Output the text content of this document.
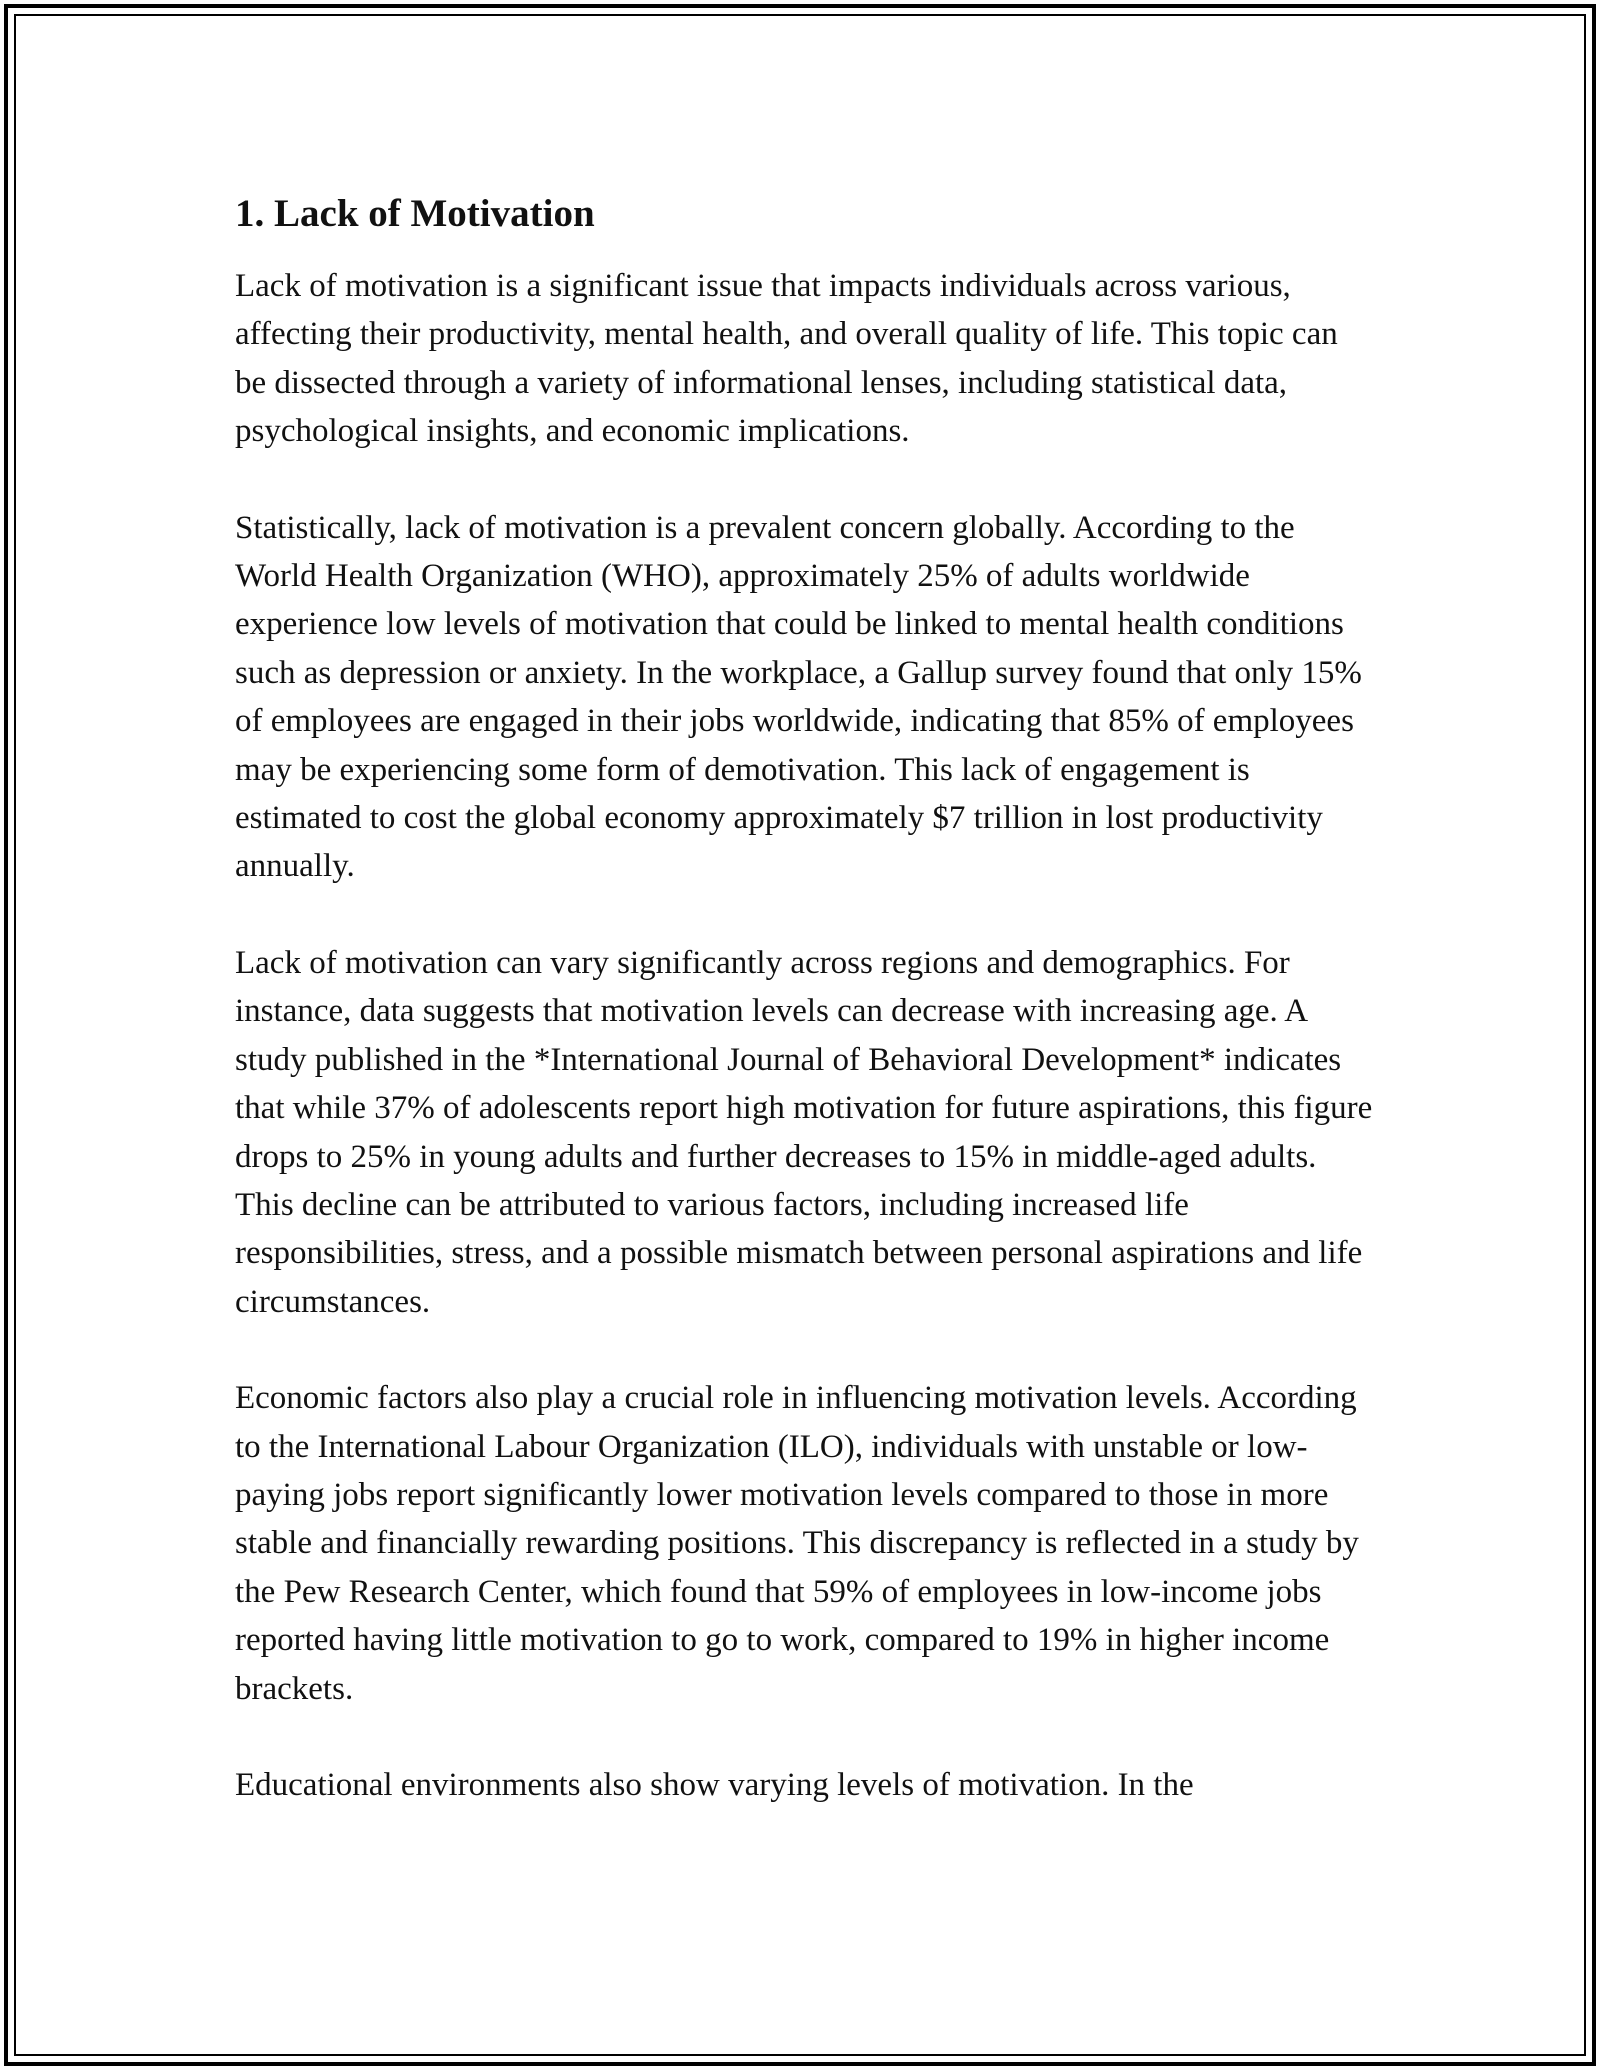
1. Lack of Motivation

Lack of motivation is a significant issue that impacts individuals across various, affecting their productivity, mental health, and overall quality of life. This topic can be dissected through a variety of informational lenses, including statistical data, psychological insights, and economic implications.

Statistically, lack of motivation is a prevalent concern globally. According to the World Health Organization (WHO), approximately 25% of adults worldwide experience low levels of motivation that could be linked to mental health conditions such as depression or anxiety. In the workplace, a Gallup survey found that only 15% of employees are engaged in their jobs worldwide, indicating that 85% of employees may be experiencing some form of demotivation. This lack of engagement is estimated to cost the global economy approximately $7 trillion in lost productivity annually.

Lack of motivation can vary significantly across regions and demographics. For instance, data suggests that motivation levels can decrease with increasing age. A study published in the *International Journal of Behavioral Development* indicates that while 37% of adolescents report high motivation for future aspirations, this figure drops to 25% in young adults and further decreases to 15% in middle-aged adults. This decline can be attributed to various factors, including increased life responsibilities, stress, and a possible mismatch between personal aspirations and life circumstances.

Economic factors also play a crucial role in influencing motivation levels. According to the International Labour Organization (ILO), individuals with unstable or low-paying jobs report significantly lower motivation levels compared to those in more stable and financially rewarding positions. This discrepancy is reflected in a study by the Pew Research Center, which found that 59% of employees in low-income jobs reported having little motivation to go to work, compared to 19% in higher income brackets.

Educational environments also show varying levels of motivation. In the
